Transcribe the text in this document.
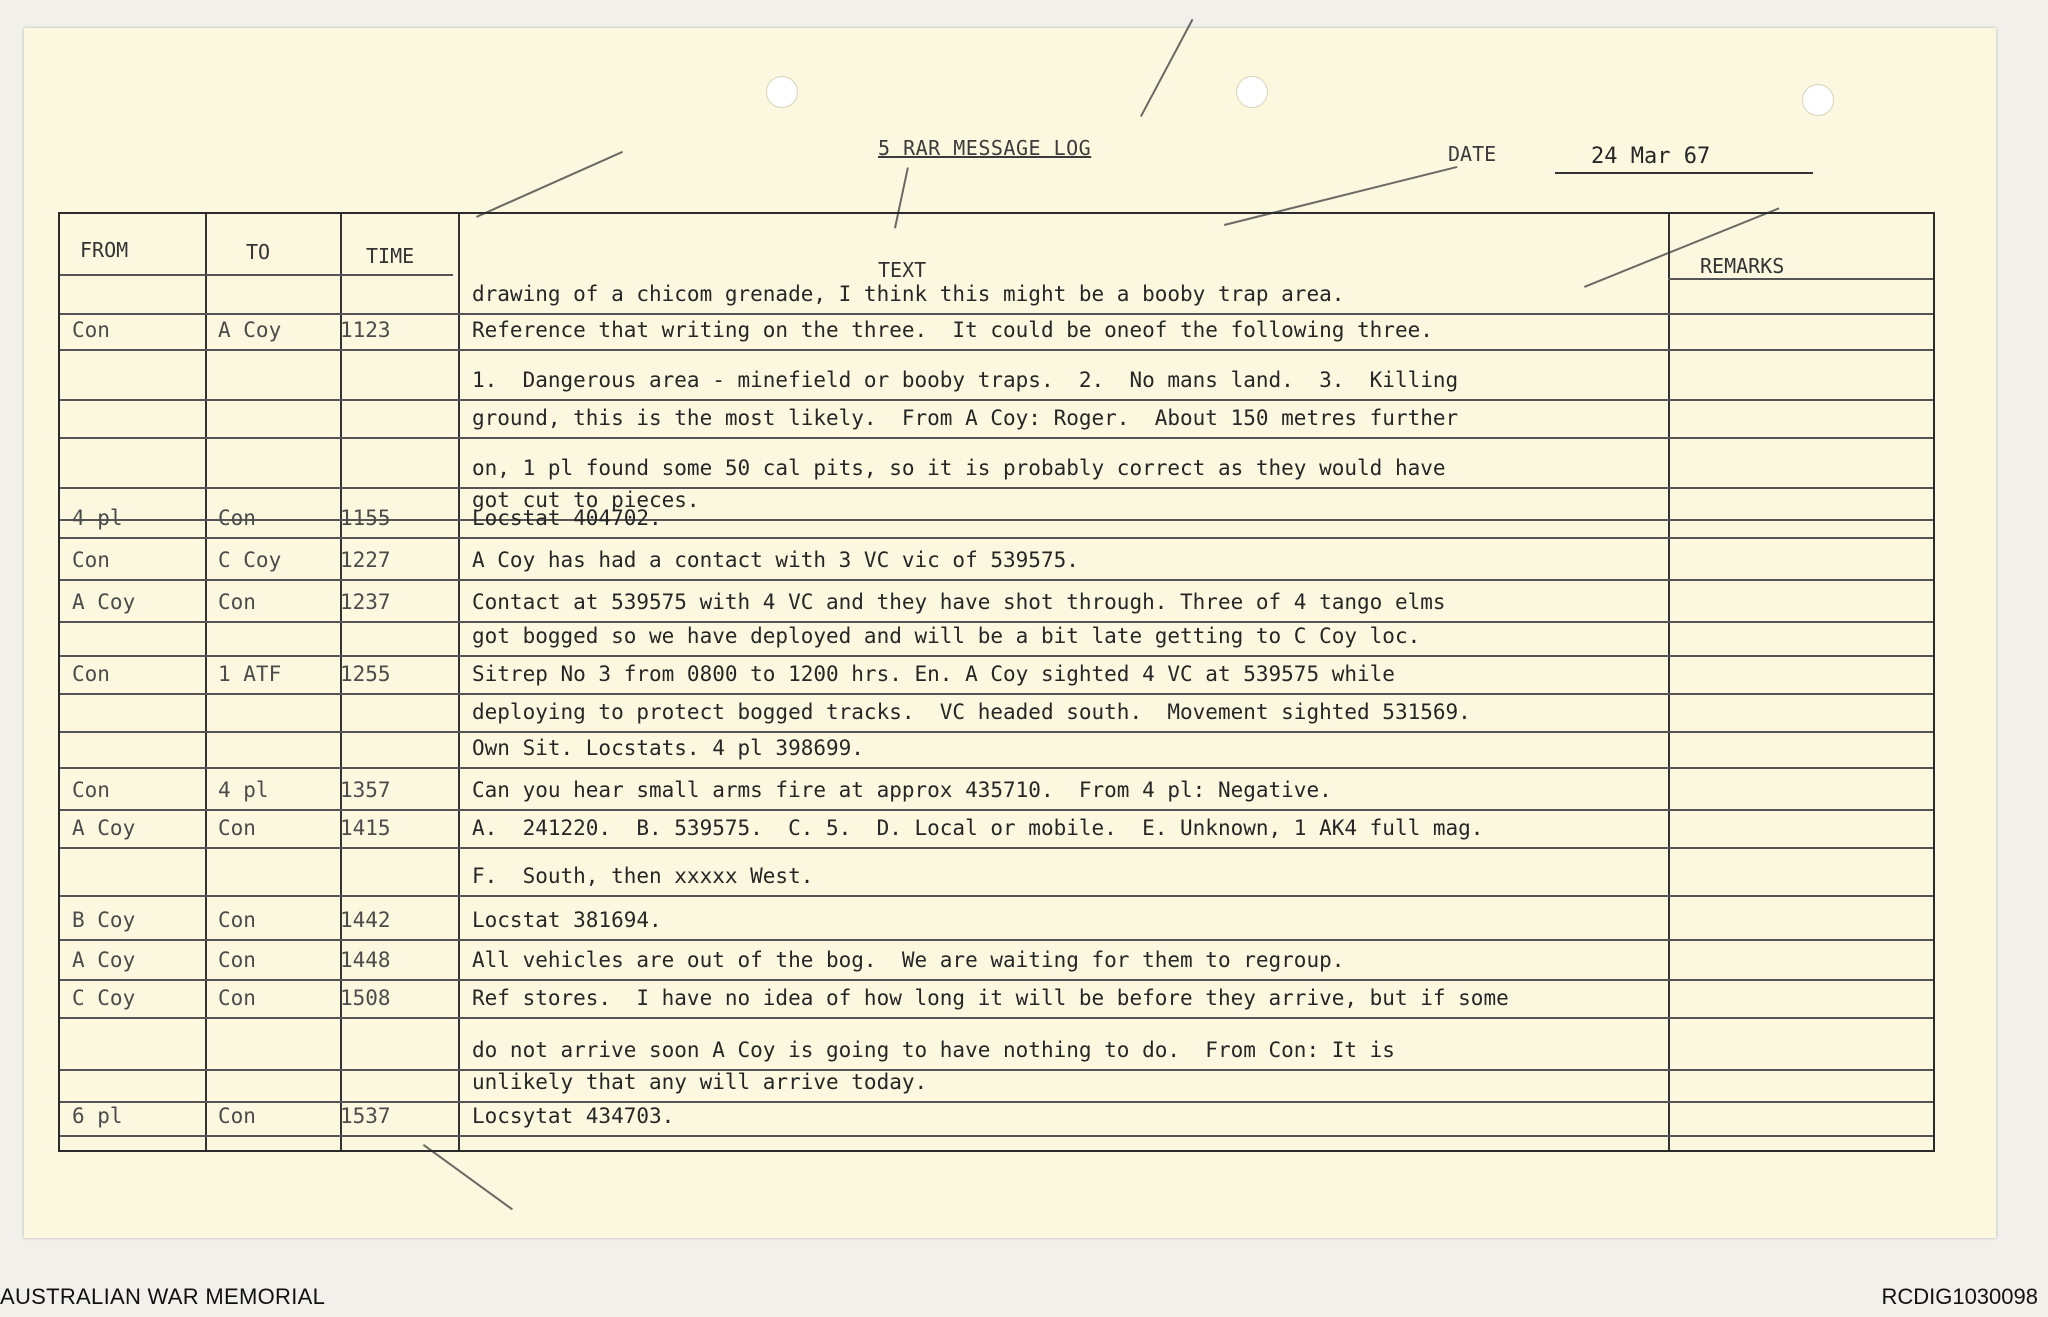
5 RAR MESSAGE LOG	DATE	24 Mar 67
FROM	TO	TIME
TEXT	REMARKS
drawing of a chicom grenade, I think this might be a booby trap area.
Con	A Coy	1123	Reference that writing on the three.  It could be oneof the following three.
1.  Dangerous area - minefield or booby traps.  2.  No mans land.  3.  Killing
ground, this is the most likely.  From A Coy: Roger.  About 150 metres further
on, 1 pl found some 50 cal pits, so it is probably correct as they would have
got cut to pieces.
4 pl	Con	1155	Locstat 404702.
Con	C Coy	1227	A Coy has had a contact with 3 VC vic of 539575.
A Coy	Con	1237	Contact at 539575 with 4 VC and they have shot through. Three of 4 tango elms
got bogged so we have deployed and will be a bit late getting to C Coy loc.
Con	1 ATF	1255	Sitrep No 3 from 0800 to 1200 hrs. En. A Coy sighted 4 VC at 539575 while
deploying to protect bogged tracks.  VC headed south.  Movement sighted 531569.
Own Sit. Locstats. 4 pl 398699.
Con	4 pl	1357	Can you hear small arms fire at approx 435710.  From 4 pl: Negative.
A Coy	Con	1415	A.  241220.  B. 539575.  C. 5.  D. Local or mobile.  E. Unknown, 1 AK4 full mag.
F.  South, then xxxxx West.
B Coy	Con	1442	Locstat 381694.
A Coy	Con	1448	All vehicles are out of the bog.  We are waiting for them to regroup.
C Coy	Con	1508	Ref stores.  I have no idea of how long it will be before they arrive, but if some
do not arrive soon A Coy is going to have nothing to do.  From Con: It is
unlikely that any will arrive today.
6 pl	Con	1537	Locsytat 434703.
AUSTRALIAN WAR MEMORIAL	RCDIG1030098
